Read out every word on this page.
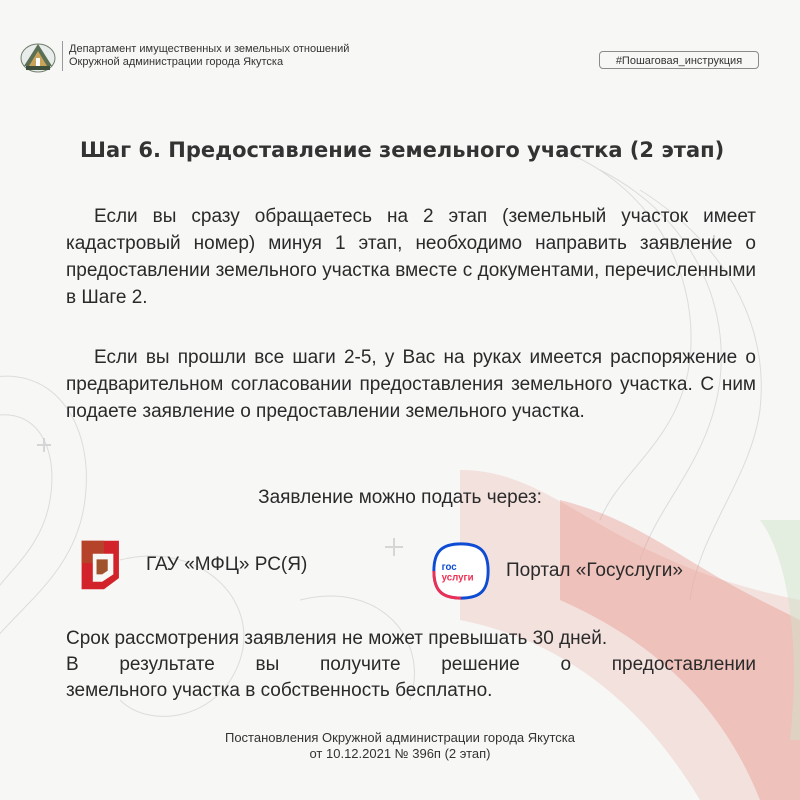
Департамент имущественных и земельных отношений
Окружной администрации города Якутска	#Пошаговая_инструкция
Шаг 6. Предоставление земельного участка (2 этап)
Если вы сразу обращаетесь на 2 этап (земельный участок имеет кадастровый номер) минуя 1 этап, необходимо направить заявление о предоставлении земельного участка вместе с документами, перечисленными в Шаге 2.
Если вы прошли все шаги 2-5, у Вас на руках имеется распоряжение о предварительном согласовании предоставления земельного участка. С ним подаете заявление о предоставлении земельного участка.
Заявление можно подать через:
ГАУ «МФЦ» РС(Я)	гос
услуги Портал «Госуслуги»
Срок рассмотрения заявления не может превышать 30 дней.
В результате вы получите решение о предоставлении
земельного участка в собственность бесплатно.
Постановления Окружной администрации города Якутска
от 10.12.2021 № 396п (2 этап)
